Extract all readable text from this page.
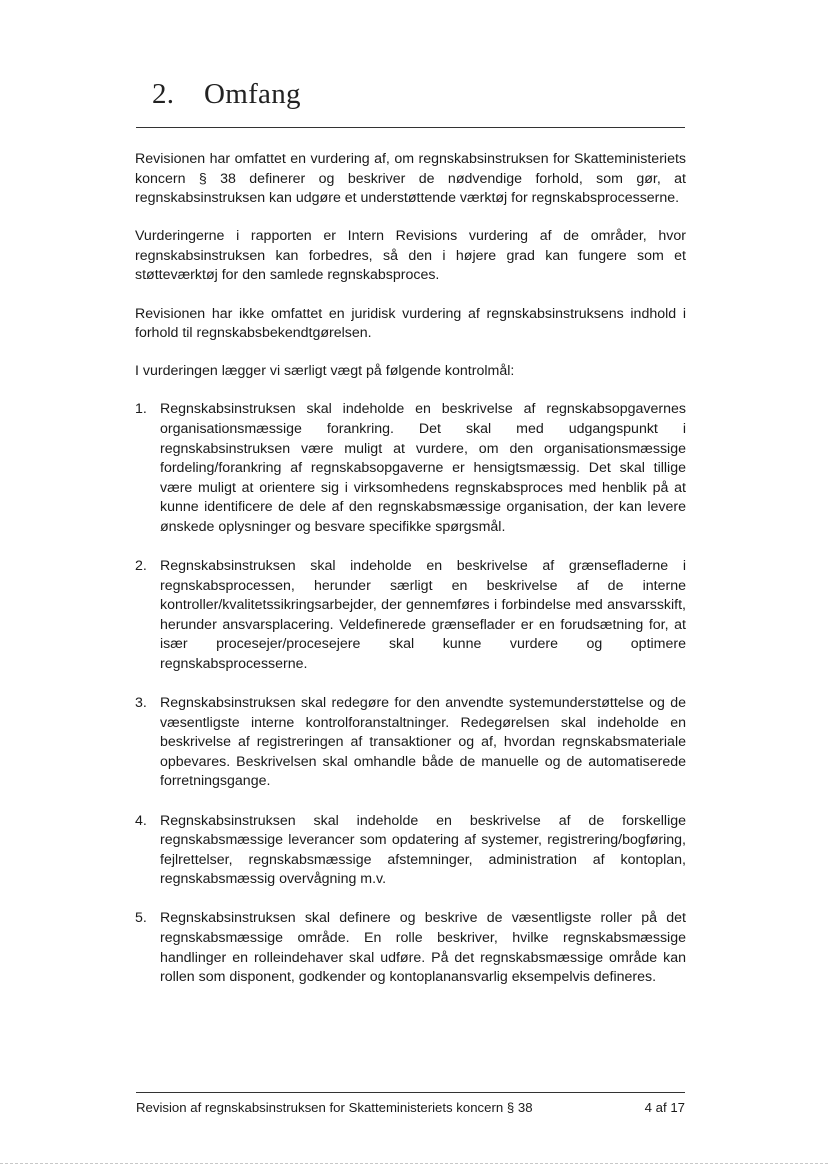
2. Omfang

Revisionen har omfattet en vurdering af, om regnskabsinstruksen for Skatteministeriets koncern § 38 definerer og beskriver de nødvendige forhold, som gør, at regnskabsinstruksen kan udgøre et understøttende værktøj for regnskabsprocesserne.

Vurderingerne i rapporten er Intern Revisions vurdering af de områder, hvor regnskabsinstruksen kan forbedres, så den i højere grad kan fungere som et støtteværktøj for den samlede regnskabsproces.

Revisionen har ikke omfattet en juridisk vurdering af regnskabsinstruksens indhold i forhold til regnskabsbekendtgørelsen.

I vurderingen lægger vi særligt vægt på følgende kontrolmål:

1. Regnskabsinstruksen skal indeholde en beskrivelse af regnskabsopgavernes organisationsmæssige forankring. Det skal med udgangspunkt i regnskabsinstruksen være muligt at vurdere, om den organisationsmæssige fordeling/forankring af regnskabsopgaverne er hensigtsmæssig. Det skal tillige være muligt at orientere sig i virksomhedens regnskabsproces med henblik på at kunne identificere de dele af den regnskabsmæssige organisation, der kan levere ønskede oplysninger og besvare specifikke spørgsmål.
2. Regnskabsinstruksen skal indeholde en beskrivelse af grænsefladerne i regnskabsprocessen, herunder særligt en beskrivelse af de interne kontroller/kvalitetssikringsarbejder, der gennemføres i forbindelse med ansvarsskift, herunder ansvarsplacering. Veldefinerede grænseflader er en forudsætning for, at især procesejer/procesejere skal kunne vurdere og optimere regnskabsprocesserne.
3. Regnskabsinstruksen skal redegøre for den anvendte systemunderstøttelse og de væsentligste interne kontrolforanstaltninger. Redegørelsen skal indeholde en beskrivelse af registreringen af transaktioner og af, hvordan regnskabsmateriale opbevares. Beskrivelsen skal omhandle både de manuelle og de automatiserede forretningsgange.
4. Regnskabsinstruksen skal indeholde en beskrivelse af de forskellige regnskabsmæssige leverancer som opdatering af systemer, registrering/bogføring, fejlrettelser, regnskabsmæssige afstemninger, administration af kontoplan, regnskabsmæssig overvågning m.v.
5. Regnskabsinstruksen skal definere og beskrive de væsentligste roller på det regnskabsmæssige område. En rolle beskriver, hvilke regnskabsmæssige handlinger en rolleindehaver skal udføre. På det regnskabsmæssige område kan rollen som disponent, godkender og kontoplanansvarlig eksempelvis defineres.
Revision af regnskabsinstruksen for Skatteministeriets koncern § 38	4 af 17
